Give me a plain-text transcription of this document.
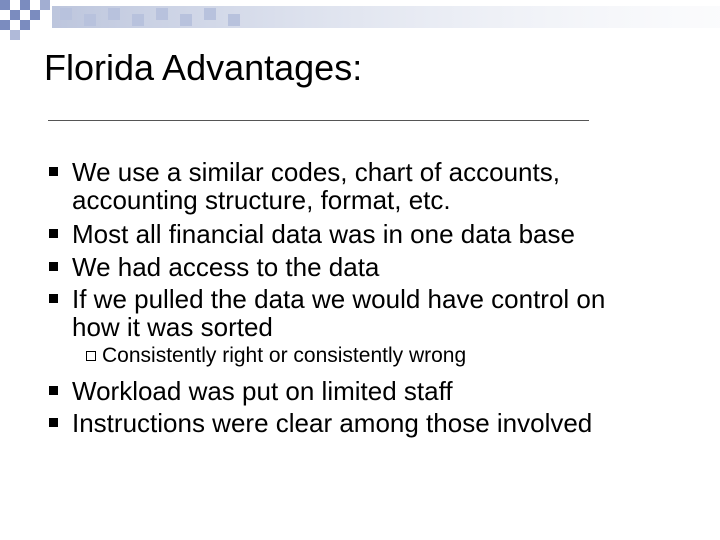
Florida Advantages:
We use a similar codes, chart of accounts,
accounting structure, format, etc.
Most all financial data was in one data base
We had access to the data
If we pulled the data we would have control on
how it was sorted
Consistently right or consistently wrong
Workload was put on limited staff
Instructions were clear among those involved
